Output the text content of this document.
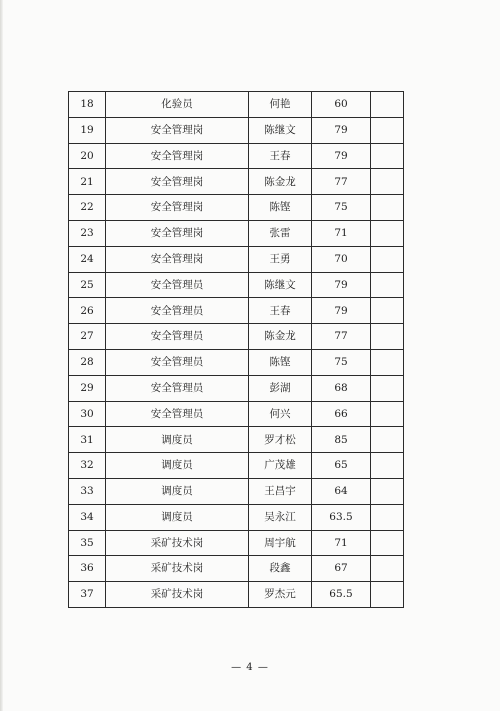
18	化验员	何艳	60	
19	安全管理岗	陈继文	79	
20	安全管理岗	王春	79	
21	安全管理岗	陈金龙	77	
22	安全管理岗	陈铿	75	
23	安全管理岗	张雷	71	
24	安全管理岗	王勇	70	
25	安全管理员	陈继文	79	
26	安全管理员	王春	79	
27	安全管理员	陈金龙	77	
28	安全管理员	陈铿	75	
29	安全管理员	彭湖	68	
30	安全管理员	何兴	66	
31	调度员	罗才松	85	
32	调度员	广茂雄	65	
33	调度员	王昌宇	64	
34	调度员	吴永江	63.5	
35	采矿技术岗	周宇航	71	
36	采矿技术岗	段鑫	67	
37	采矿技术岗	罗杰元	65.5	
— 4 —
